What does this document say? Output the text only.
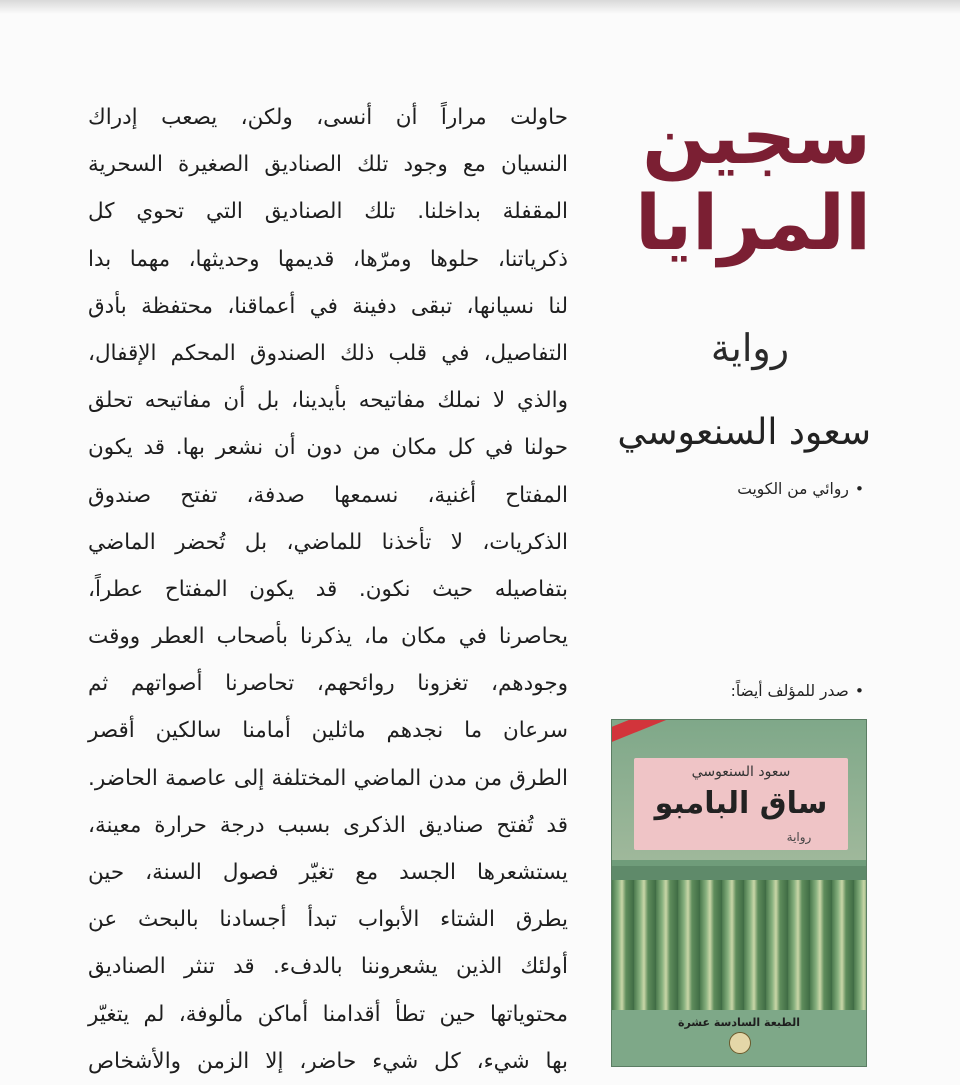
حاولت مراراً أن أنسى، ولكن، يصعب إدراك
النسيان مع وجود تلك الصناديق الصغيرة السحرية
المقفلة بداخلنا. تلك الصناديق التي تحوي كل
ذكرياتنا، حلوها ومرّها، قديمها وحديثها، مهما بدا
لنا نسيانها، تبقى دفينة في أعماقنا، محتفظة بأدق
التفاصيل، في قلب ذلك الصندوق المحكم الإقفال،
والذي لا نملك مفاتيحه بأيدينا، بل أن مفاتيحه تحلق
حولنا في كل مكان من دون أن نشعر بها. قد يكون
المفتاح أغنية، نسمعها صدفة، تفتح صندوق
الذكريات، لا تأخذنا للماضي، بل تُحضر الماضي
بتفاصيله حيث نكون. قد يكون المفتاح عطراً،
يحاصرنا في مكان ما، يذكرنا بأصحاب العطر ووقت
وجودهم، تغزونا روائحهم، تحاصرنا أصواتهم ثم
سرعان ما نجدهم ماثلين أمامنا سالكين أقصر
الطرق من مدن الماضي المختلفة إلى عاصمة الحاضر.
قد تُفتح صناديق الذكرى بسبب درجة حرارة معينة،
يستشعرها الجسد مع تغيّر فصول السنة، حين
يطرق الشتاء الأبواب تبدأ أجسادنا بالبحث عن
أولئك الذين يشعروننا بالدفء. قد تنثر الصناديق
محتوياتها حين تطأ أقدامنا أماكن مألوفة، لم يتغيّر
بها شيء، كل شيء حاضر، إلا الزمن والأشخاص
سجين
المرايا
رواية
سعود السنعوسي
•روائي من الكويت
•صدر للمؤلف أيضاً:
سعود السنعوسي
ساق البامبو
رواية
الطبعة السادسة عشرة
